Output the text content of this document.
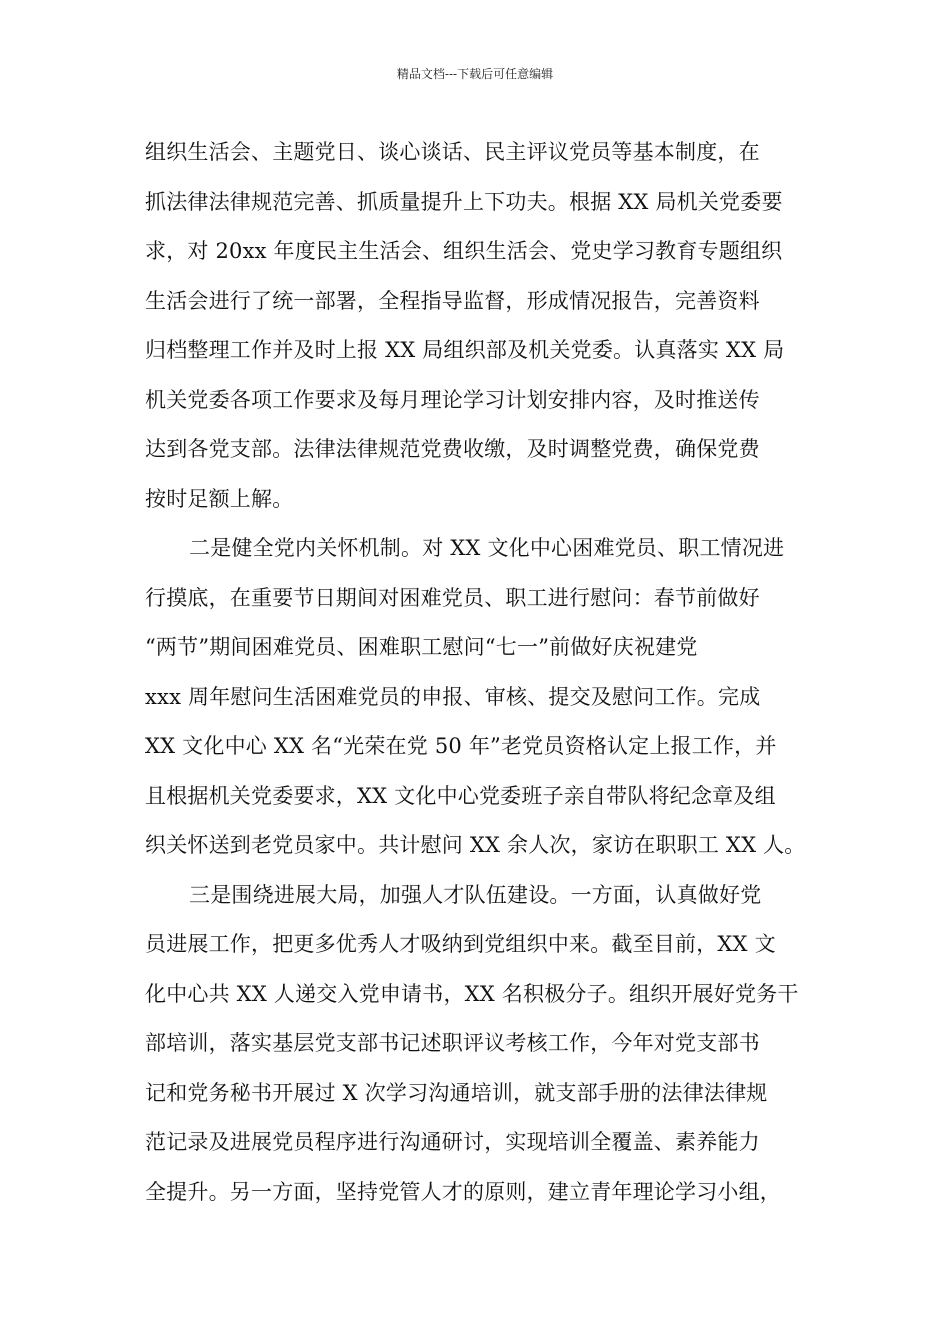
精品文档---下载后可任意编辑
组织生活会、主题党日、谈心谈话、民主评议党员等基本制度，在
抓法律法律规范完善、抓质量提升上下功夫。根据 XX 局机关党委要
求，对 20xx 年度民主生活会、组织生活会、党史学习教育专题组织
生活会进行了统一部署，全程指导监督，形成情况报告，完善资料
归档整理工作并及时上报 XX 局组织部及机关党委。认真落实 XX 局
机关党委各项工作要求及每月理论学习计划安排内容，及时推送传
达到各党支部。法律法律规范党费收缴，及时调整党费，确保党费
按时足额上解。
二是健全党内关怀机制。对 XX 文化中心困难党员、职工情况进
行摸底，在重要节日期间对困难党员、职工进行慰问：春节前做好
“两节”期间困难党员、困难职工慰问“七一”前做好庆祝建党
xxx 周年慰问生活困难党员的申报、审核、提交及慰问工作。完成
XX 文化中心 XX 名“光荣在党 50 年”老党员资格认定上报工作，并
且根据机关党委要求，XX 文化中心党委班子亲自带队将纪念章及组
织关怀送到老党员家中。共计慰问 XX 余人次，家访在职职工 XX 人。
三是围绕进展大局，加强人才队伍建设。一方面，认真做好党
员进展工作，把更多优秀人才吸纳到党组织中来。截至目前，XX 文
化中心共 XX 人递交入党申请书，XX 名积极分子。组织开展好党务干
部培训，落实基层党支部书记述职评议考核工作，今年对党支部书
记和党务秘书开展过 X 次学习沟通培训，就支部手册的法律法律规
范记录及进展党员程序进行沟通研讨，实现培训全覆盖、素养能力
全提升。另一方面，坚持党管人才的原则，建立青年理论学习小组，
